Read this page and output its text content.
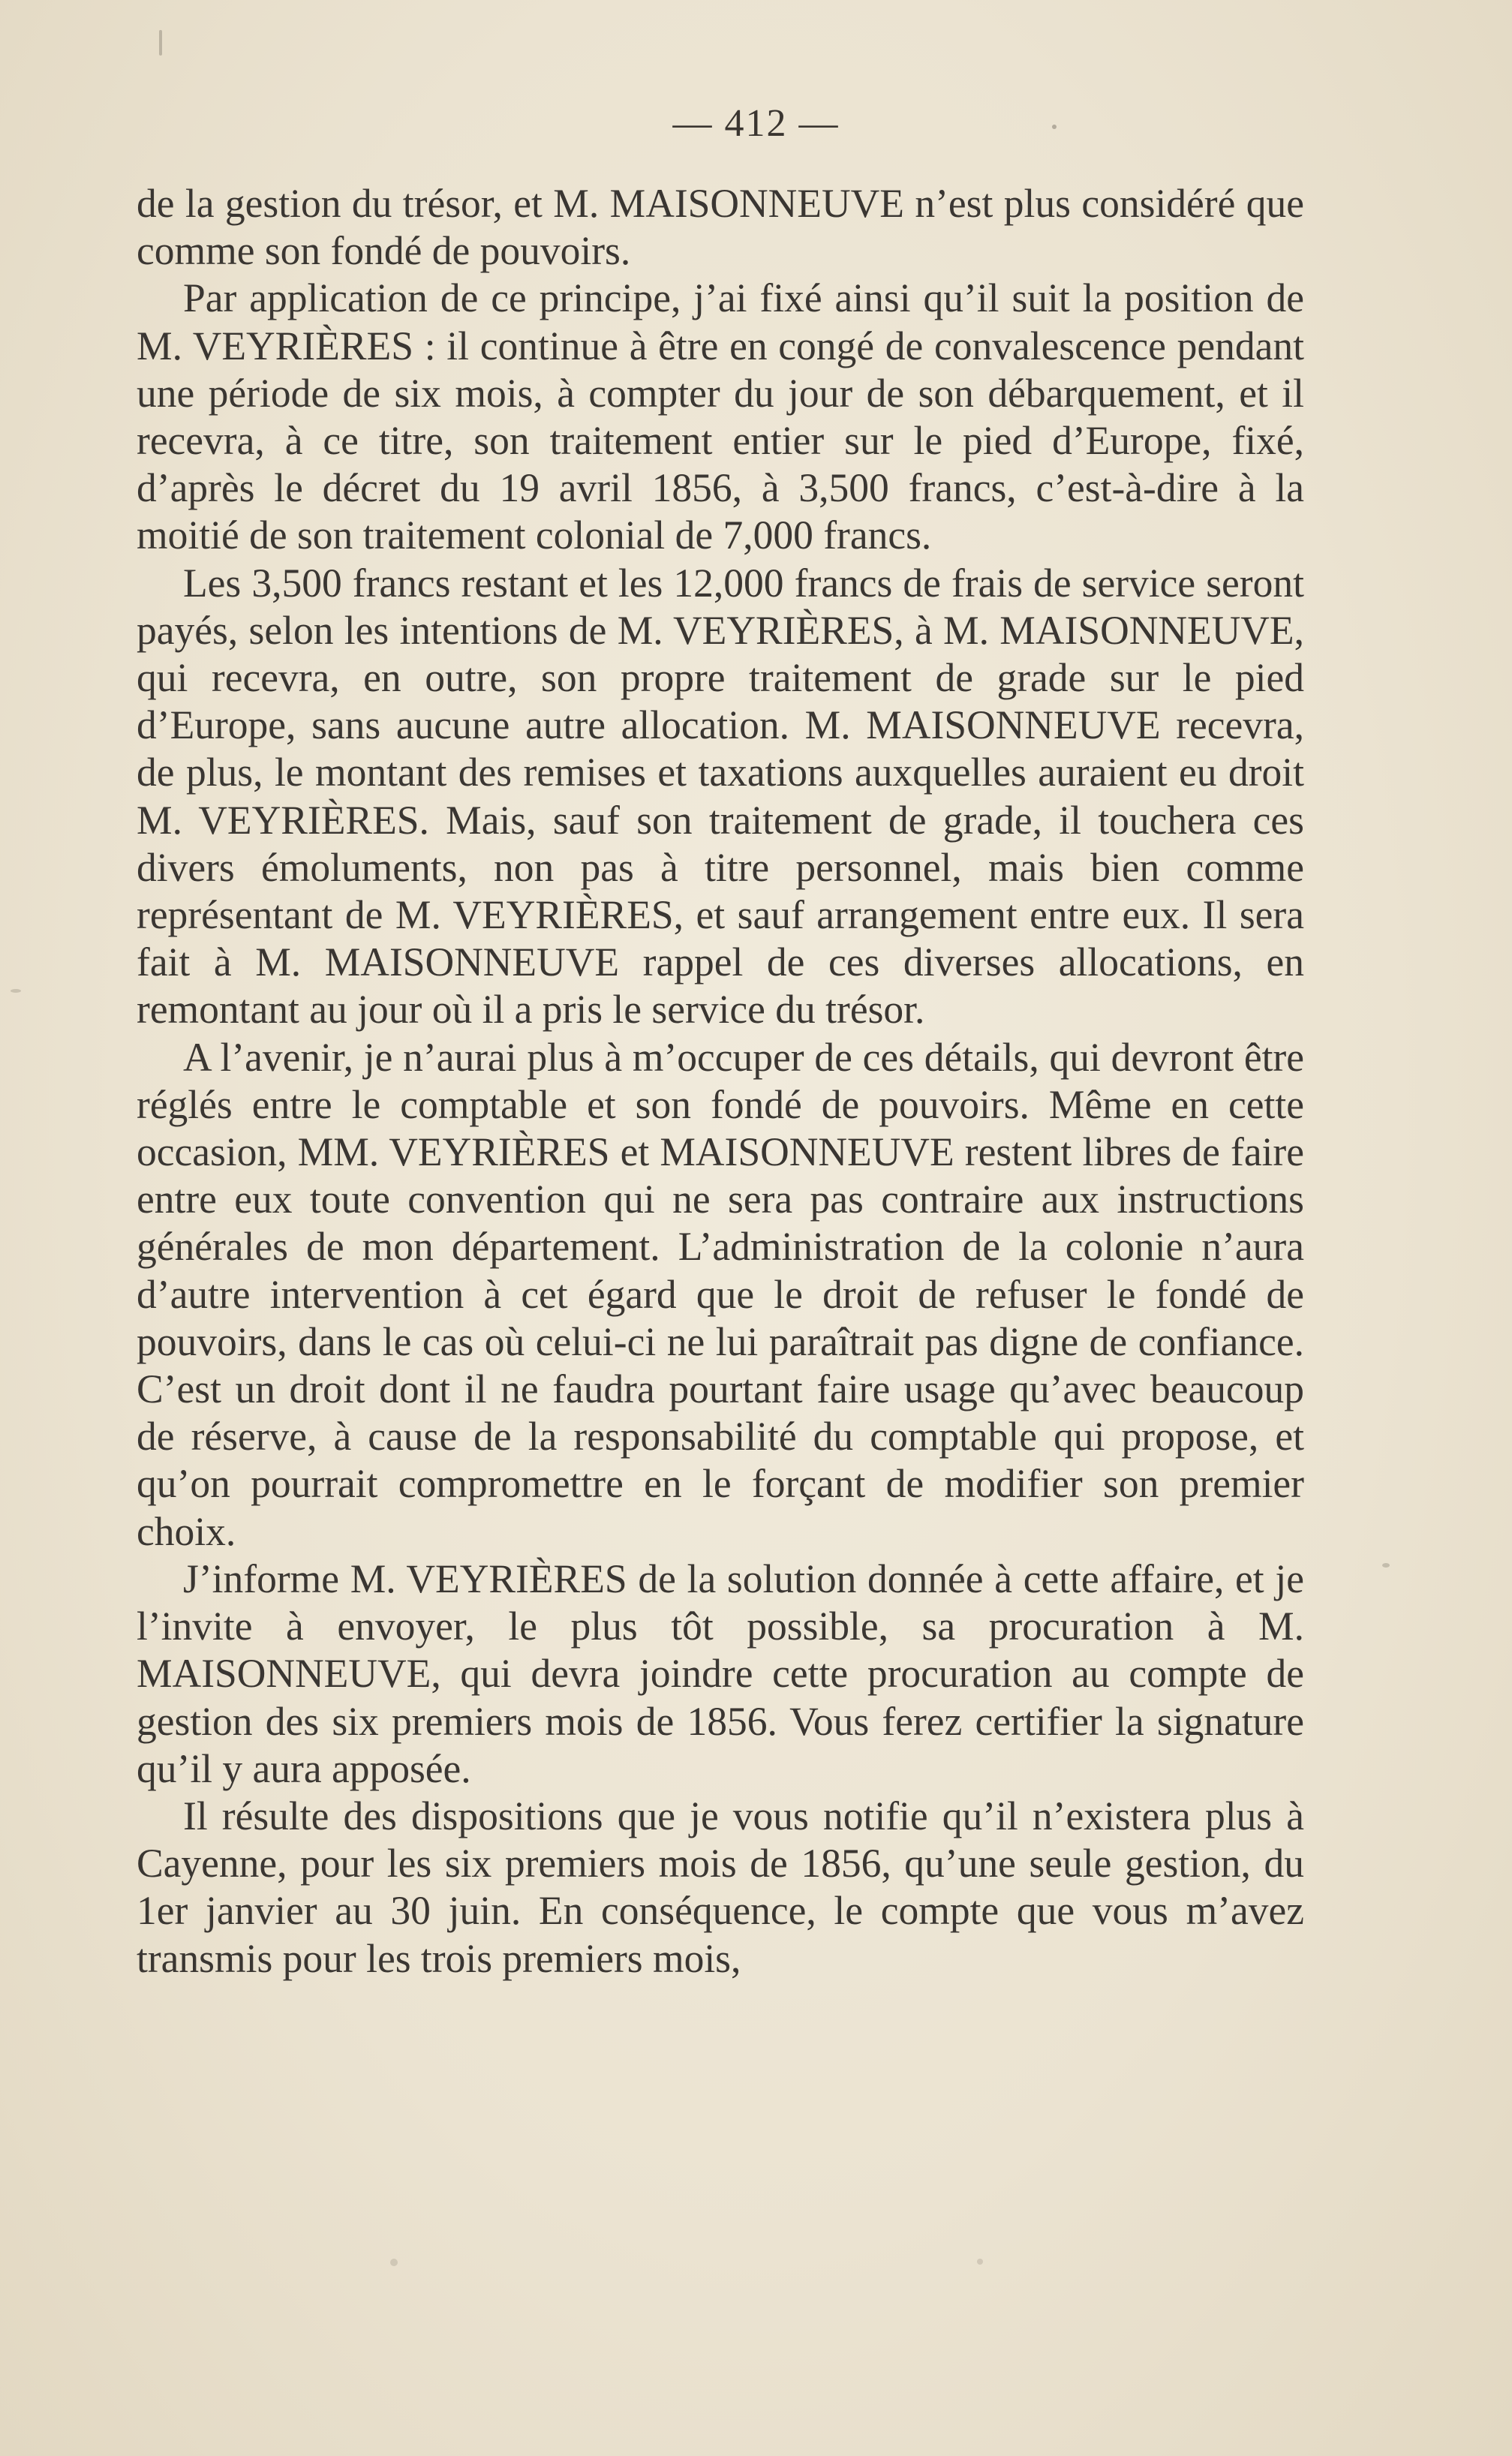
— 412 —

de la gestion du trésor, et M. MAISONNEUVE n’est plus considéré que comme son fondé de pouvoirs.

Par application de ce principe, j’ai fixé ainsi qu’il suit la position de M. VEYRIÈRES : il continue à être en congé de convalescence pendant une période de six mois, à compter du jour de son débarquement, et il recevra, à ce titre, son traitement entier sur le pied d’Europe, fixé, d’après le décret du 19 avril 1856, à 3,500 francs, c’est-à-dire à la moitié de son traitement colonial de 7,000 francs.

Les 3,500 francs restant et les 12,000 francs de frais de service seront payés, selon les intentions de M. VEYRIÈRES, à M. MAISONNEUVE, qui recevra, en outre, son propre traitement de grade sur le pied d’Europe, sans aucune autre allocation. M. MAISONNEUVE recevra, de plus, le montant des remises et taxations auxquelles auraient eu droit M. VEYRIÈRES. Mais, sauf son traitement de grade, il touchera ces divers émoluments, non pas à titre personnel, mais bien comme représentant de M. VEYRIÈRES, et sauf arrangement entre eux. Il sera fait à M. MAISONNEUVE rappel de ces diverses allocations, en remontant au jour où il a pris le service du trésor.

A l’avenir, je n’aurai plus à m’occuper de ces détails, qui devront être réglés entre le comptable et son fondé de pouvoirs. Même en cette occasion, MM. VEYRIÈRES et MAISONNEUVE restent libres de faire entre eux toute convention qui ne sera pas contraire aux instructions générales de mon département. L’administration de la colonie n’aura d’autre intervention à cet égard que le droit de refuser le fondé de pouvoirs, dans le cas où celui-ci ne lui paraîtrait pas digne de confiance. C’est un droit dont il ne faudra pourtant faire usage qu’avec beaucoup de réserve, à cause de la responsabilité du comptable qui propose, et qu’on pourrait compromettre en le forçant de modifier son premier choix.

J’informe M. VEYRIÈRES de la solution donnée à cette affaire, et je l’invite à envoyer, le plus tôt possible, sa procuration à M. MAISONNEUVE, qui devra joindre cette procuration au compte de gestion des six premiers mois de 1856. Vous ferez certifier la signature qu’il y aura apposée.

Il résulte des dispositions que je vous notifie qu’il n’existera plus à Cayenne, pour les six premiers mois de 1856, qu’une seule gestion, du 1er janvier au 30 juin. En conséquence, le compte que vous m’avez transmis pour les trois premiers mois,
